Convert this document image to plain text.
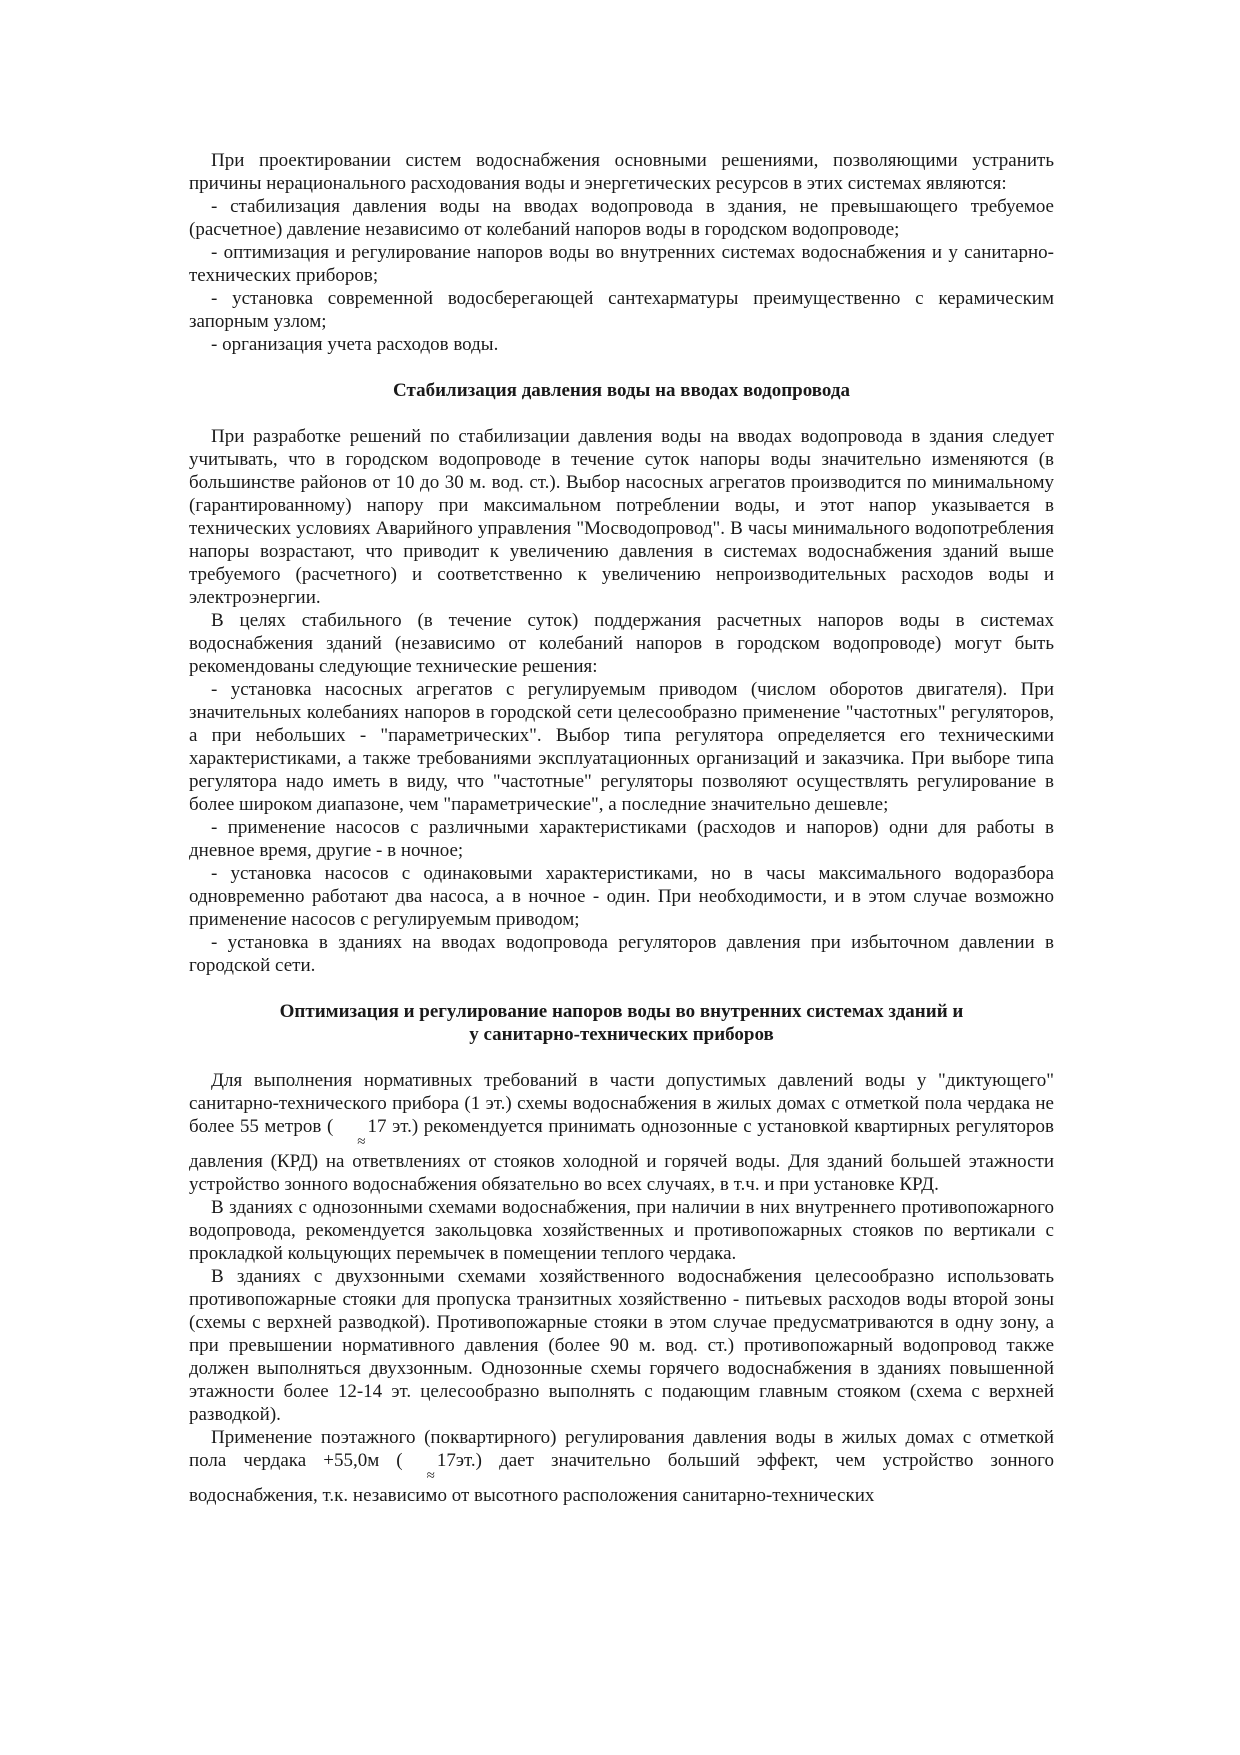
При проектировании систем водоснабжения основными решениями, позволяющими устранить причины нерационального расходования воды и энергетических ресурсов в этих системах являются:

- стабилизация давления воды на вводах водопровода в здания, не превышающего требуемое (расчетное) давление независимо от колебаний напоров воды в городском водопроводе;

- оптимизация и регулирование напоров воды во внутренних системах водоснабжения и у санитарно-технических приборов;

- установка современной водосберегающей сантехарматуры преимущественно с керамическим запорным узлом;

- организация учета расходов воды.

Стабилизация давления воды на вводах водопровода

При разработке решений по стабилизации давления воды на вводах водопровода в здания следует учитывать, что в городском водопроводе в течение суток напоры воды значительно изменяются (в большинстве районов от 10 до 30 м. вод. ст.). Выбор насосных агрегатов производится по минимальному (гарантированному) напору при максимальном потреблении воды, и этот напор указывается в технических условиях Аварийного управления "Мосводопровод". В часы минимального водопотребления напоры возрастают, что приводит к увеличению давления в системах водоснабжения зданий выше требуемого (расчетного) и соответственно к увеличению непроизводительных расходов воды и электроэнергии.

В целях стабильного (в течение суток) поддержания расчетных напоров воды в системах водоснабжения зданий (независимо от колебаний напоров в городском водопроводе) могут быть рекомендованы следующие технические решения:

- установка насосных агрегатов с регулируемым приводом (числом оборотов двигателя). При значительных колебаниях напоров в городской сети целесообразно применение "частотных" регуляторов, а при небольших - "параметрических". Выбор типа регулятора определяется его техническими характеристиками, а также требованиями эксплуатационных организаций и заказчика. При выборе типа регулятора надо иметь в виду, что "частотные" регуляторы позволяют осуществлять регулирование в более широком диапазоне, чем "параметрические", а последние значительно дешевле;

- применение насосов с различными характеристиками (расходов и напоров) одни для работы в дневное время, другие - в ночное;

- установка насосов с одинаковыми характеристиками, но в часы максимального водоразбора одновременно работают два насоса, а в ночное - один. При необходимости, и в этом случае возможно применение насосов с регулируемым приводом;

- установка в зданиях на вводах водопровода регуляторов давления при избыточном давлении в городской сети.

Оптимизация и регулирование напоров воды во внутренних системах зданий и
у санитарно-технических приборов

Для выполнения нормативных требований в части допустимых давлений воды у "диктующего" санитарно-технического прибора (1 эт.) схемы водоснабжения в жилых домах с отметкой пола чердака не более 55 метров (≈17 эт.) рекомендуется принимать однозонные с установкой квартирных регуляторов давления (КРД) на ответвлениях от стояков холодной и горячей воды. Для зданий большей этажности устройство зонного водоснабжения обязательно во всех случаях, в т.ч. и при установке КРД.

В зданиях с однозонными схемами водоснабжения, при наличии в них внутреннего противопожарного водопровода, рекомендуется закольцовка хозяйственных и противопожарных стояков по вертикали с прокладкой кольцующих перемычек в помещении теплого чердака.

В зданиях с двухзонными схемами хозяйственного водоснабжения целесообразно использовать противопожарные стояки для пропуска транзитных хозяйственно - питьевых расходов воды второй зоны (схемы с верхней разводкой). Противопожарные стояки в этом случае предусматриваются в одну зону, а при превышении нормативного давления (более 90 м. вод. ст.) противопожарный водопровод также должен выполняться двухзонным. Однозонные схемы горячего водоснабжения в зданиях повышенной этажности более 12-14 эт. целесообразно выполнять с подающим главным стояком (схема с верхней разводкой).

Применение поэтажного (поквартирного) регулирования давления воды в жилых домах с отметкой пола чердака +55,0м (≈17эт.) дает значительно больший эффект, чем устройство зонного водоснабжения, т.к. независимо от высотного расположения санитарно-технических
